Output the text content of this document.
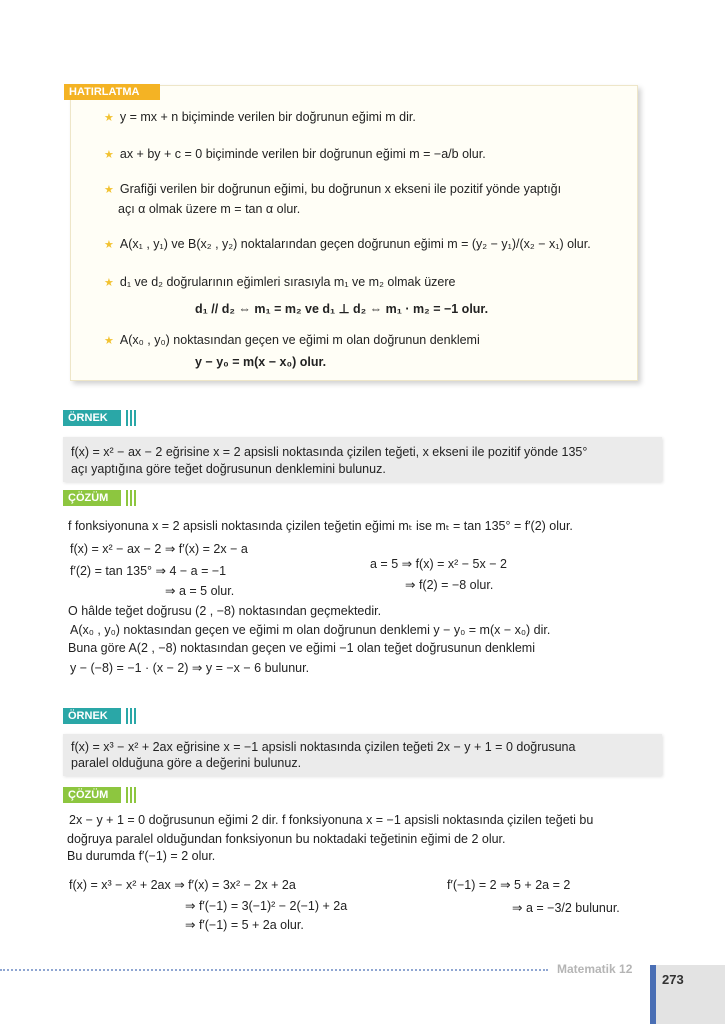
HATIRLATMA
★ y = mx + n biçiminde verilen bir doğrunun eğimi m dir.
★ ax + by + c = 0 biçiminde verilen bir doğrunun eğimi m = −a/b olur.
★ Grafiği verilen bir doğrunun eğimi, bu doğrunun x ekseni ile pozitif yönde yaptığı
açı α olmak üzere m = tan α olur.
★ A(x₁ , y₁) ve B(x₂ , y₂) noktalarından geçen doğrunun eğimi m = (y₂ − y₁)/(x₂ − x₁) olur.
★ d₁ ve d₂ doğrularının eğimleri sırasıyla m₁ ve m₂ olmak üzere
d₁ // d₂ ⇔ m₁ = m₂ ve d₁ ⊥ d₂ ⇔ m₁ · m₂ = −1 olur.
★ A(x₀ , y₀) noktasından geçen ve eğimi m olan doğrunun denklemi
y − y₀ = m(x − x₀) olur.
ÖRNEK
f(x) = x² − ax − 2 eğrisine x = 2 apsisli noktasında çizilen teğeti, x ekseni ile pozitif yönde 135°
açı yaptığına göre teğet doğrusunun denklemini bulunuz.
ÇÖZÜM
f fonksiyonuna x = 2 apsisli noktasında çizilen teğetin eğimi mₜ ise mₜ = tan 135° = f′(2) olur.
f(x) = x² − ax − 2 ⇒ f′(x) = 2x − a
f′(2) = tan 135° ⇒ 4 − a = −1
⇒ a = 5 olur.
a = 5 ⇒ f(x) = x² − 5x − 2
⇒ f(2) = −8 olur.
O hâlde teğet doğrusu (2 , −8) noktasından geçmektedir.
A(x₀ , y₀) noktasından geçen ve eğimi m olan doğrunun denklemi y − y₀ = m(x − x₀) dir.
Buna göre A(2 , −8) noktasından geçen ve eğimi −1 olan teğet doğrusunun denklemi
y − (−8) = −1 · (x − 2) ⇒ y = −x − 6 bulunur.
ÖRNEK
f(x) = x³ − x² + 2ax eğrisine x = −1 apsisli noktasında çizilen teğeti 2x − y + 1 = 0 doğrusuna
paralel olduğuna göre a değerini bulunuz.
ÇÖZÜM
2x − y + 1 = 0 doğrusunun eğimi 2 dir. f fonksiyonuna x = −1 apsisli noktasında çizilen teğeti bu
doğruya paralel olduğundan fonksiyonun bu noktadaki teğetinin eğimi de 2 olur.
Bu durumda f′(−1) = 2 olur.
f(x) = x³ − x² + 2ax ⇒ f′(x) = 3x² − 2x + 2a
⇒ f′(−1) = 3(−1)² − 2(−1) + 2a
⇒ f′(−1) = 5 + 2a olur.
f′(−1) = 2 ⇒ 5 + 2a = 2
⇒ a = −3/2 bulunur.
Matematik 12
273
